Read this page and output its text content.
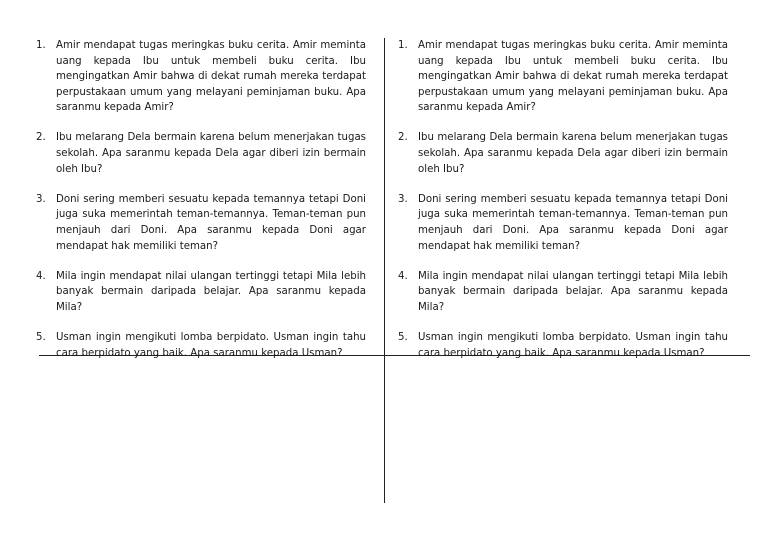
1.	Amir mendapat tugas meringkas buku cerita. Amir meminta uang kepada Ibu untuk membeli buku cerita. Ibu mengingatkan Amir bahwa di dekat rumah mereka terdapat perpustakaan umum yang melayani peminjaman buku. Apa saranmu kepada Amir?
2.	Ibu melarang Dela bermain karena belum menerjakan tugas sekolah. Apa saranmu kepada Dela agar diberi izin bermain oleh Ibu?
3.	Doni sering memberi sesuatu kepada temannya tetapi Doni juga suka memerintah teman-temannya. Teman-teman pun menjauh dari Doni. Apa saranmu kepada Doni agar mendapat hak memiliki teman?
4.	Mila ingin mendapat nilai ulangan tertinggi tetapi Mila lebih banyak bermain daripada belajar. Apa saranmu kepada Mila?
5.	Usman ingin mengikuti lomba berpidato. Usman ingin tahu cara berpidato yang baik. Apa saranmu kepada Usman?
1.	Amir mendapat tugas meringkas buku cerita. Amir meminta uang kepada Ibu untuk membeli buku cerita. Ibu mengingatkan Amir bahwa di dekat rumah mereka terdapat perpustakaan umum yang melayani peminjaman buku. Apa saranmu kepada Amir?
2.	Ibu melarang Dela bermain karena belum menerjakan tugas sekolah. Apa saranmu kepada Dela agar diberi izin bermain oleh Ibu?
3.	Doni sering memberi sesuatu kepada temannya tetapi Doni juga suka memerintah teman-temannya. Teman-teman pun menjauh dari Doni. Apa saranmu kepada Doni agar mendapat hak memiliki teman?
4.	Mila ingin mendapat nilai ulangan tertinggi tetapi Mila lebih banyak bermain daripada belajar. Apa saranmu kepada Mila?
5.	Usman ingin mengikuti lomba berpidato. Usman ingin tahu cara berpidato yang baik. Apa saranmu kepada Usman?
